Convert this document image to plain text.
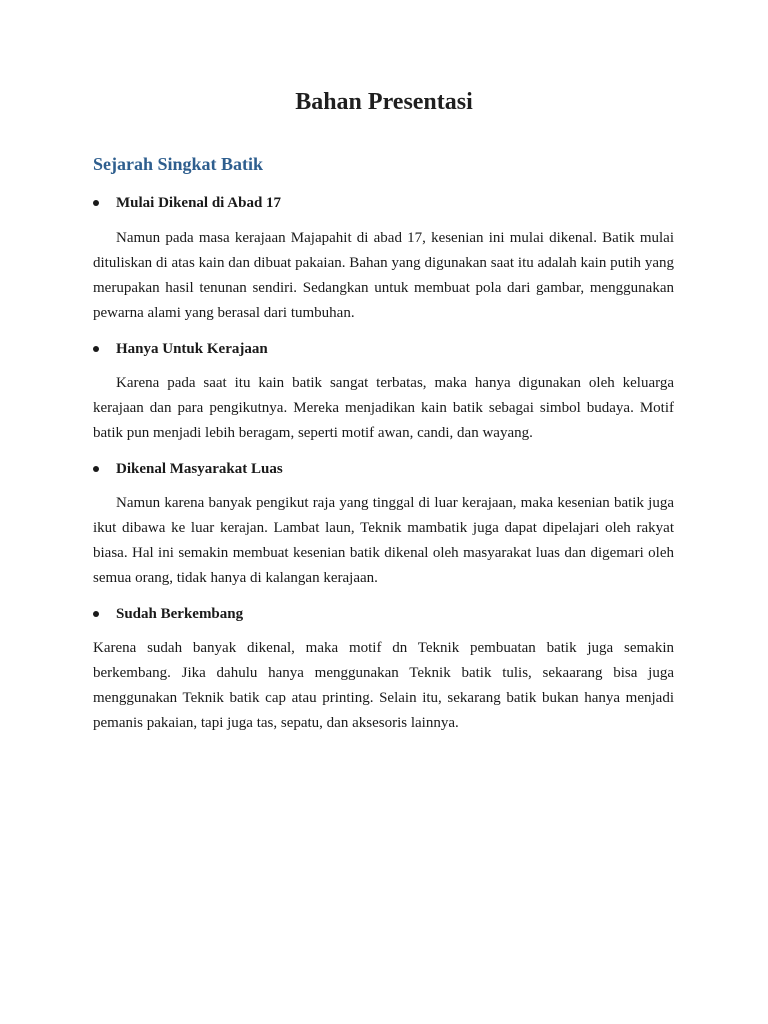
Bahan Presentasi
Sejarah Singkat Batik
Mulai Dikenal di Abad 17

Namun pada masa kerajaan Majapahit di abad 17, kesenian ini mulai dikenal. Batik mulai dituliskan di atas kain dan dibuat pakaian. Bahan yang digunakan saat itu adalah kain putih yang merupakan hasil tenunan sendiri. Sedangkan untuk membuat pola dari gambar, menggunakan pewarna alami yang berasal dari tumbuhan.

Hanya Untuk Kerajaan

Karena pada saat itu kain batik sangat terbatas, maka hanya digunakan oleh keluarga kerajaan dan para pengikutnya. Mereka menjadikan kain batik sebagai simbol budaya. Motif batik pun menjadi lebih beragam, seperti motif awan, candi, dan wayang.

Dikenal Masyarakat Luas

Namun karena banyak pengikut raja yang tinggal di luar kerajaan, maka kesenian batik juga ikut dibawa ke luar kerajan. Lambat laun, Teknik mambatik juga dapat dipelajari oleh rakyat biasa. Hal ini semakin membuat kesenian batik dikenal oleh masyarakat luas dan digemari oleh semua orang, tidak hanya di kalangan kerajaan.

Sudah Berkembang

Karena sudah banyak dikenal, maka motif dn Teknik pembuatan batik juga semakin berkembang. Jika dahulu hanya menggunakan Teknik batik tulis, sekaarang bisa juga menggunakan Teknik batik cap atau printing. Selain itu, sekarang batik bukan hanya menjadi pemanis pakaian, tapi juga tas, sepatu, dan aksesoris lainnya.
